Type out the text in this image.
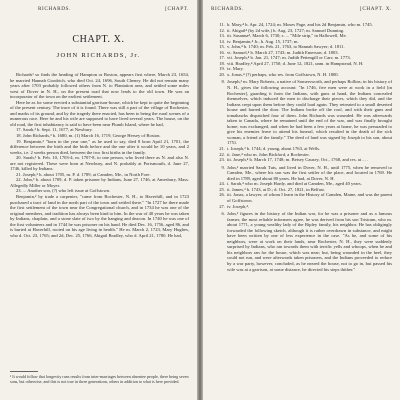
RICHARDS.	[CHAPT.
CHAPT. X.
JOHN RICHARDS, Jr.

Richards¹ so finds the heading of Hampton or Boston, appears first where, March 23, 1654, he married Hannah Goodrich, who died Oct. 24, 1696, South Cheney. He did not remain many years after 1703 probably followed others from N. to Plantation area, and settled some miles west of Dover in N. H., on the present road that now leads to the old town. He was an incorporator of the town on the earliest settlement.

Here he as for some erected a substantial garrison-house, which he kept to quite the beginning of the present century. The trace of it is found. There was still a part of the village of Rochester, and marks of its ground, and by the tragedy there enacted, has been to being the rural scenes of a numerous race. Here he and his wife are supposed to have lived several years. The house, on the old road, the first inhabitancy is said to have been near Plumb Island, where he had,

17. Sarah,² b. Sept. 11, 1677, at Newbury.

18. John Richards,³ b. 1680, m. (1) March 16, 1719, George Hersey of Boston.

19. Benjamin,³ "born in the year one," as he used to say, died 8 born April 21, 1701, the difference between the birth and the birth before and the one after it would be 10 years, and 2 weeks, i.e. 2 weeks person died, between the two first births in the family.

20. Sarah,³ b. Feb. 10, 1703-4, m. 1707-8, to one person, who lived there as N. and also N. are not registered. These were born at Newbury, and N. probably at Portsmouth, d. June 27, 1746, killed by Indians.

21. Joseph,³ b. about 1705, m. P. d. 1789, at Camden, Me., in North Fore.

22. John,³ b. about 1709, d. P. taken prisoner by Indians, June 27, 1746, at Amesbury, Mass. Allegedly Miller or Moyer.

23. ... Another son, (?) who left issue at Goffstown.

Benjamin,² by trade a carpenter, "came from Rochester, N. H., to Haverhill, and in 1723 purchased a tract of land in the north part of the town and settled there." "In 1727 he there made the first settlement of the town near the Congregational church, and in 1734 he was one of the original members, and tradition has always been kind to him. In the war of 40 years he was taken by Indians, chaplain, and a stone slate of two by the hanging and deacon. In 1740 he was one of the first volunteers and in 1744 he was prisoner on his hand. He died Dec. 16, 1756, aged 86, and is buried at Haverhill, rooted on his age living in health." He m. March 2, 1723, Mary Hughes, who d. Oct. 23, 1765; and 2d, Dec. 25, 1766, Abigail Bradley, who d. April 21, 1780. He had,

¹ It would follow that longevity runs results from inter-marriages between absentee people, there being seven sons, but otherwise, and this is not true in three generations, others in addition to what is here provided.
RICHARDS.	[CHAPT. X.
11. b. Mary,⁴ b. Apr. 24, 1724; m. Moses Page, and his 2d Benjamin, who m. 1745.

12. ii. Abigail⁴ (by 2d wife,) b. Aug. 23, 1727; m. Samuel Dunning.

13. iii. Susanna⁴, March 6, 1730; s. ... "Mile strip," in Hallowell, Me.

14. iv. Benjamin,⁴ Jr., b. Aug. 15, 1737; m.

15. v. John,⁴ b. 1740; m. Feb. 21, 1763, to Hannah Sawyer; d. 1811.

16. vi. Samuel,⁴ b. March 27, 1743; m. Judith Emerson; d. 1803.

17. vii. Joseph,⁴ b. Jan. 21, 1747; m. Judith Pettengill or Carr; m. 1773.

18. viii. Bradley,⁴ April 27, 1750; d. June 12, 1821, unm. in Hampstead, N. H.

19. ix. Mary.

20. x. Jonas,⁴ (?) perhaps, who res. from Goffstown, N. H. 1800.

8. Joseph,² m. Mary Roberts, a native of Somersworth, and perhaps Rollins; in his history of N. H., gives the following account: "In 1746, five men were at work in a field [in Rochester], guarding it from the Indians, with guns at hand, the Indians concealed themselves, which induced the men to discharge their pieces, which they did, and the Indians crept upon them before they could load again. They retreated to a small deserted house and barred the door. The Indians broke off the roof, and with their guns and tomahawks dispatched four of them. John Richards was wounded. He was afterwards taken to Canada, where he remained until the end of the war, and was finally brought home; was exchanged, and when he had been a few years at home, he was persuaded to give his enemies leave to attend his funeral, which resulted in the death of the sick woman, a friend of the family." The deed of land was signed by Joseph to his son, about 1751.

21. i. Joseph,³ b. 1744; d. young, about 1763, at Wells.

22. ii. Jane,⁴ who m. John Bickford, a Rochester.

23. iii. Joseph,⁴ b. March 17, 1748; m. Betsey Causey, Oct., 1768, and res. at ... .

9. John,² married Sarah Tuts, and lived in Dover, N. H., until 1775, when he removed to Camden, Me., where his son was the first settler of the place, and located in 1769. He died in 1789, aged about 80 years. He had, at Dover, N. H.

24. i. Sarah,⁴ who m. Joseph Hardy, and died at Camden, Me., aged 40 years.

25. ii. James,³ b. 1743, at D.; d. Oct. 27, 1821, in Belfast.

26. iii. Jonas, a lawyer, of whom I learn in the History of Camden, Maine, and was the parent of Goffstown.

27. iv. Joseph,⁴.

6. John,² figures in the history of the Indian war, for he was a prisoner and as a famous farmer, the most reliable informers agree, he was derived from his son Tristram, who m. about 1771, a young wealthy lady of the Ripley family, his neighbor. He has obligingly forwarded the following sketch, although it is rather overdrawn in substance, and might have been written by one of less experience in the case. "As he, and some of his neighbors, were at work on their lands, near Rochester, N. H., they were suddenly surprised by Indians, who ran towards them with terrific yells and whoops, when he and his neighbors ran for the house, which was near; but, being wounded in the heel, they could not run, and were afterwards taken prisoners, and the Indians proceeded to reduce by a war party, however, concluded, as he neared the house, not to go in, but passed his wife was at a garrison, at some distance, he directed his steps thither."
